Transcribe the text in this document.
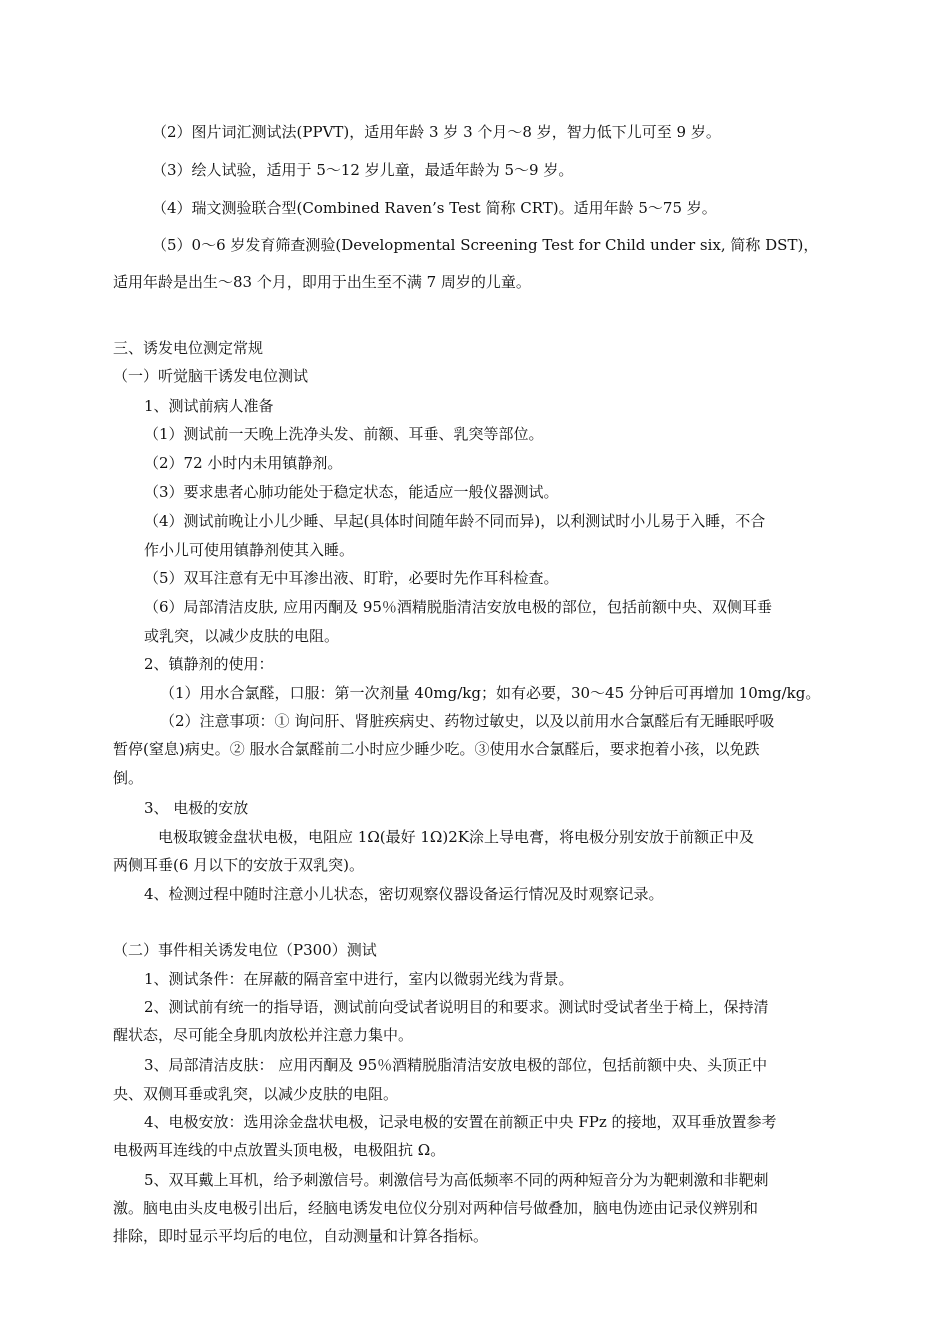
（2）图片词汇测试法(PPVT)，适用年龄 3 岁 3 个月～8 岁，智力低下儿可至 9 岁。
（3）绘人试验，适用于 5～12 岁儿童，最适年龄为 5～9 岁。
（4）瑞文测验联合型(Combined Raven’s Test 简称 CRT)。适用年龄 5～75 岁。
（5）0～6 岁发育筛查测验(Developmental Screening Test for Child under six, 简称 DST)，
适用年龄是出生～83 个月，即用于出生至不满 7 周岁的儿童。
三、诱发电位测定常规
（一）听觉脑干诱发电位测试
1、测试前病人准备
（1）测试前一天晚上洗净头发、前额、耳垂、乳突等部位。
（2）72 小时内未用镇静剂。
（3）要求患者心肺功能处于稳定状态，能适应一般仪器测试。
（4）测试前晚让小儿少睡、早起(具体时间随年龄不同而异)，以利测试时小儿易于入睡，不合
作小儿可使用镇静剂使其入睡。
（5）双耳注意有无中耳渗出液、盯聍，必要时先作耳科检查。
（6）局部清洁皮肤, 应用丙酮及 95％酒精脱脂清洁安放电极的部位，包括前额中央、双侧耳垂
或乳突，以减少皮肤的电阻。
2、镇静剂的使用：
（1）用水合氯醛，口服：第一次剂量 40mg/kg；如有必要，30～45 分钟后可再增加 10mg/kg。
（2）注意事项：① 询问肝、肾脏疾病史、药物过敏史，以及以前用水合氯醛后有无睡眠呼吸
暂停(窒息)病史。② 服水合氯醛前二小时应少睡少吃。③使用水合氯醛后，要求抱着小孩，以免跌
倒。
3、 电极的安放
电极取镀金盘状电极，电阻应 1Ω(最好 1Ω)2K涂上导电膏，将电极分别安放于前额正中及
两侧耳垂(6 月以下的安放于双乳突)。
4、检测过程中随时注意小儿状态，密切观察仪器设备运行情况及时观察记录。
（二）事件相关诱发电位（P300）测试
1、测试条件：在屏蔽的隔音室中进行，室内以微弱光线为背景。
2、测试前有统一的指导语，测试前向受试者说明目的和要求。测试时受试者坐于椅上，保持清
醒状态，尽可能全身肌肉放松并注意力集中。
3、局部清洁皮肤： 应用丙酮及 95％酒精脱脂清洁安放电极的部位，包括前额中央、头顶正中
央、双侧耳垂或乳突，以减少皮肤的电阻。
4、电极安放：选用涂金盘状电极，记录电极的安置在前额正中央 FPz 的接地，双耳垂放置参考
电极两耳连线的中点放置头顶电极，电极阻抗 Ω。
5、双耳戴上耳机，给予刺激信号。刺激信号为高低频率不同的两种短音分为为靶刺激和非靶刺
激。脑电由头皮电极引出后，经脑电诱发电位仪分别对两种信号做叠加，脑电伪迹由记录仪辨别和
排除，即时显示平均后的电位，自动测量和计算各指标。
